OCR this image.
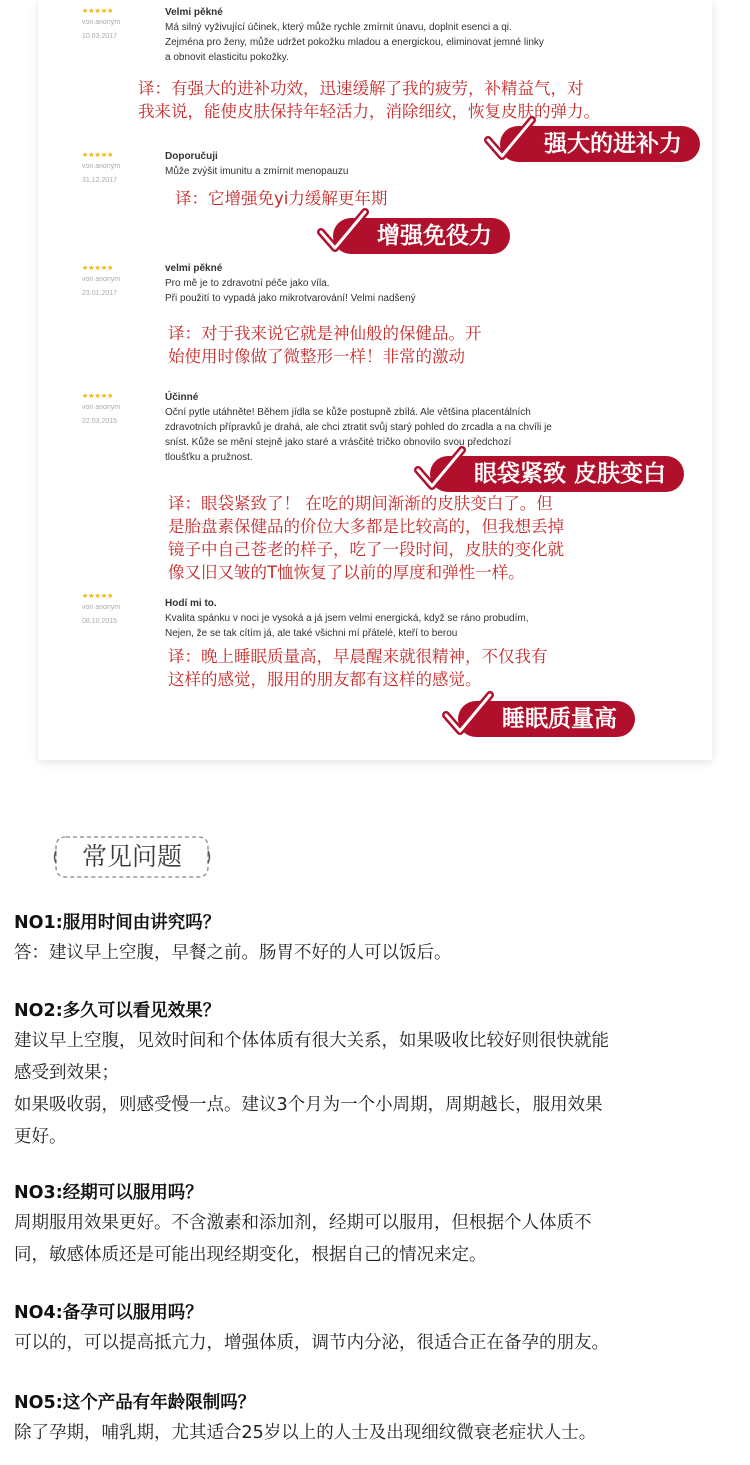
★★★★★
von anonym
10.03.2017
Velmi pěkné
Má silný vyživující účinek, který může rychle zmírnit únavu, doplnit esenci a qi.
Zejména pro ženy, může udržet pokožku mladou a energickou, eliminovat jemné linky
a obnovit elasticitu pokožky.
译：有强大的进补功效，迅速缓解了我的疲劳，补精益气，对
我来说，能使皮肤保持年轻活力，消除细纹，恢复皮肤的弹力。
强大的进补力
★★★★★
von anonym
31.12.2017
Doporučuji
Může zvýšit imunitu a zmírnit menopauzu
译：它增强免yi力缓解更年期
增强免役力
★★★★★
von anonym
23.01.2017
velmi pěkné
Pro mě je to zdravotní péče jako víla.
Při použití to vypadá jako mikrotvarování! Velmi nadšený
译：对于我来说它就是神仙般的保健品。开
始使用时像做了微整形一样！非常的激动
★★★★★
von anonym
22.03.2015
Účinné
Oční pytle utáhněte! Během jídla se kůže postupně zbílá. Ale většina placentálních
zdravotních přípravků je drahá, ale chci ztratit svůj starý pohled do zrcadla a na chvíli je
sníst. Kůže se mění stejně jako staré a vrásčité tričko obnovilo svou předchozí
tloušťku a pružnost.
眼袋紧致 皮肤变白
译：眼袋紧致了！ 在吃的期间渐渐的皮肤变白了。但
是胎盘素保健品的价位大多都是比较高的，但我想丢掉
镜子中自己苍老的样子，吃了一段时间，皮肤的变化就
像又旧又皱的T恤恢复了以前的厚度和弹性一样。
★★★★★
von anonym
08.10.2015
Hodí mi to.
Kvalita spánku v noci je vysoká a já jsem velmi energická, když se ráno probudím,
Nejen, že se tak cítím já, ale také všichni mí přátelé, kteří to berou
译：晚上睡眠质量高，早晨醒来就很精神，不仅我有
这样的感觉，服用的朋友都有这样的感觉。
睡眠质量高
常见问题
NO1:服用时间由讲究吗？
答：建议早上空腹，早餐之前。肠胃不好的人可以饭后。
NO2:多久可以看见效果？
建议早上空腹，见效时间和个体体质有很大关系，如果吸收比较好则很快就能
感受到效果；
如果吸收弱，则感受慢一点。建议3个月为一个小周期，周期越长，服用效果
更好。
NO3:经期可以服用吗？
周期服用效果更好。不含激素和添加剂，经期可以服用，但根据个人体质不
同，敏感体质还是可能出现经期变化，根据自己的情况来定。
NO4:备孕可以服用吗？
可以的，可以提高抵亢力，增强体质，调节内分泌，很适合正在备孕的朋友。
NO5:这个产品有年龄限制吗？
除了孕期，哺乳期，尤其适合25岁以上的人士及出现细纹微衰老症状人士。
